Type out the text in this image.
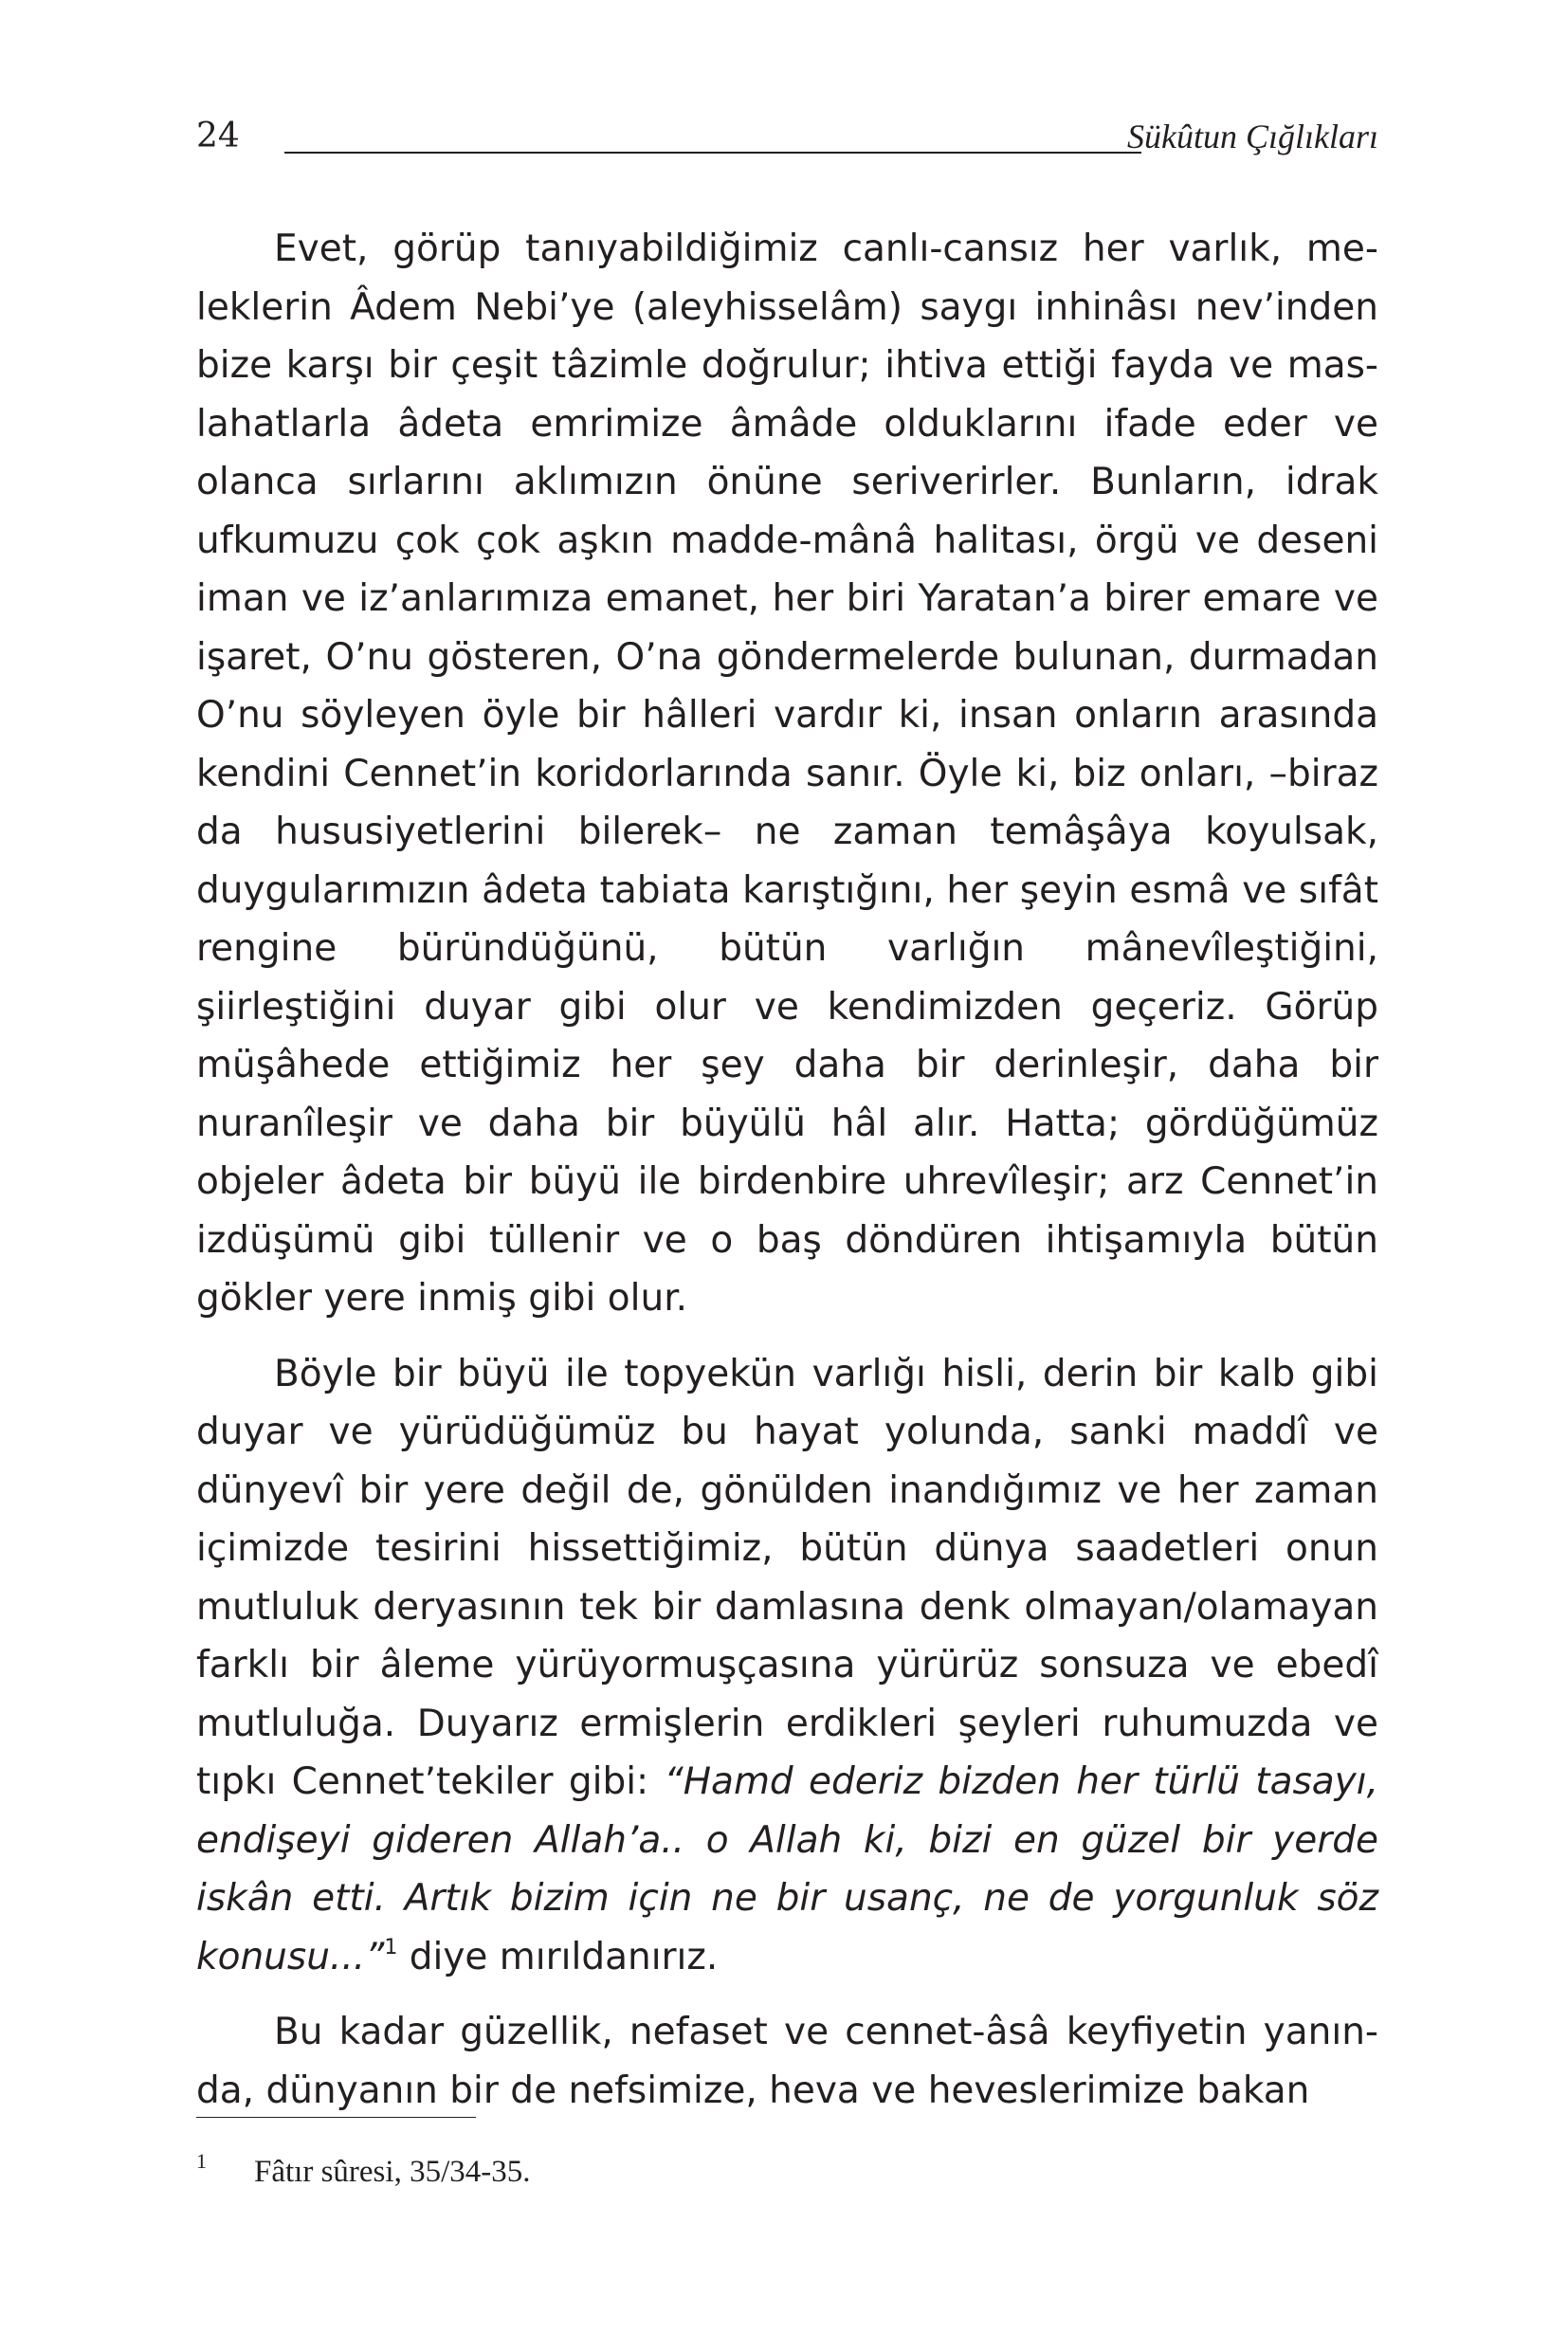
24	Sükûtun Çığlıkları

Evet, görüp tanıyabildiğimiz canlı-cansız her varlık, meleklerin Âdem Nebi’ye (aleyhisselâm) saygı inhinâsı nev’inden bize karşı bir çeşit tâzimle doğrulur; ihtiva ettiği fayda ve maslahatlarla âdeta emrimize âmâde olduklarını ifade eder ve olanca sırlarını aklımızın önüne seriverirler. Bunların, idrak ufkumuzu çok çok aşkın madde-mânâ halitası, örgü ve deseni iman ve iz’anlarımıza emanet, her biri Yaratan’a birer emare ve işaret, O’nu gösteren, O’na göndermelerde bulunan, durmadan O’nu söyleyen öyle bir hâlleri vardır ki, insan onların arasında kendini Cennet’in koridorlarında sanır. Öyle ki, biz onları, –biraz da hususiyetlerini bilerek– ne zaman temâşâya koyulsak, duygularımızın âdeta tabiata karıştığını, her şeyin esmâ ve sıfât rengine büründüğünü, bütün varlığın mânevîleştiğini, şiirleştiğini duyar gibi olur ve kendimizden geçeriz. Görüp müşâhede ettiğimiz her şey daha bir derinleşir, daha bir nuranîleşir ve daha bir büyülü hâl alır. Hatta; gördüğümüz objeler âdeta bir büyü ile birdenbire uhrevîleşir; arz Cennet’in izdüşümü gibi tüllenir ve o baş döndüren ihtişamıyla bütün gökler yere inmiş gibi olur.

Böyle bir büyü ile topyekün varlığı hisli, derin bir kalb gibi duyar ve yürüdüğümüz bu hayat yolunda, sanki maddî ve dünyevî bir yere değil de, gönülden inandığımız ve her zaman içimizde tesirini hissettiğimiz, bütün dünya saadetleri onun mutluluk deryasının tek bir damlasına denk olmayan/olamayan farklı bir âleme yürüyormuşçasına yürürüz sonsuza ve ebedî mutluluğa. Duyarız ermişlerin erdikleri şeyleri ruhumuzda ve tıpkı Cennet’tekiler gibi: “Hamd ederiz bizden her türlü tasayı, endişeyi gideren Allah’a.. o Allah ki, bizi en güzel bir yerde iskân etti. Artık bizim için ne bir usanç, ne de yorgunluk söz konusu...”$^1$ diye mırıldanırız.

Bu kadar güzellik, nefaset ve cennet-âsâ keyfiyetin yanında, dünyanın bir de nefsimize, heva ve heveslerimize bakan

1 Fâtır sûresi, 35/34-35.
